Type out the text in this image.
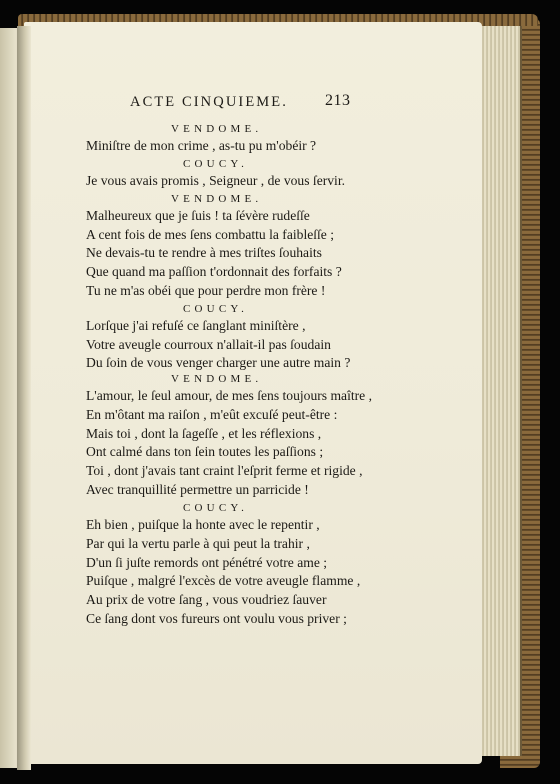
ACTE CINQUIEME. 213
VENDOME.
Miniſtre de mon crime , as-tu pu m'obéir ?
COUCY.
Je vous avais promis , Seigneur , de vous ſervir.
VENDOME.
Malheureux que je ſuis ! ta ſévère rudeſſe
A cent fois de mes ſens combattu la faibleſſe ;
Ne devais-tu te rendre à mes triſtes ſouhaits
Que quand ma paſſion t'ordonnait des forfaits ?
Tu ne m'as obéi que pour perdre mon frère !
COUCY.
Lorſque j'ai refuſé ce ſanglant miniſtère ,
Votre aveugle courroux n'allait-il pas ſoudain
Du ſoin de vous venger charger une autre main ?
VENDOME.
L'amour, le ſeul amour, de mes ſens toujours maître ,
En m'ôtant ma raiſon , m'eût excuſé peut-être :
Mais toi , dont la ſageſſe , et les réflexions ,
Ont calmé dans ton ſein toutes les paſſions ;
Toi , dont j'avais tant craint l'eſprit ferme et rigide ,
Avec tranquillité permettre un parricide !
COUCY.
Eh bien , puiſque la honte avec le repentir ,
Par qui la vertu parle à qui peut la trahir ,
D'un ſi juſte remords ont pénétré votre ame ;
Puiſque , malgré l'excès de votre aveugle flamme ,
Au prix de votre ſang , vous voudriez ſauver
Ce ſang dont vos fureurs ont voulu vous priver ;
